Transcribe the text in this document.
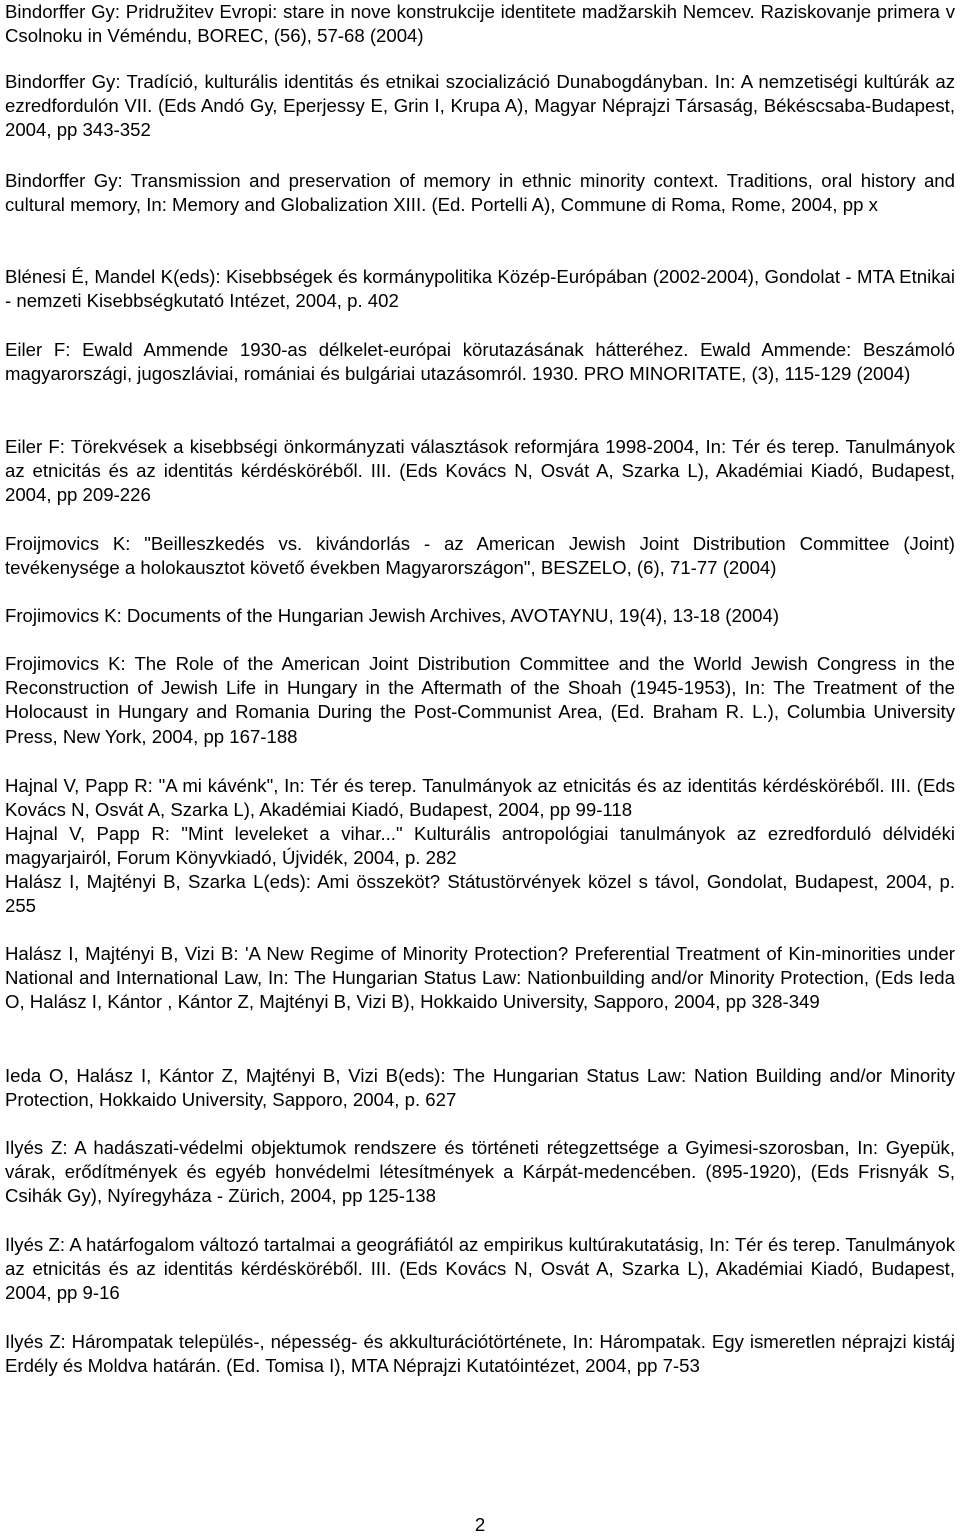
Bindorffer Gy: Pridružitev Evropi: stare in nove konstrukcije identitete madžarskih Nemcev. Raziskovanje primera v Csolnoku in Véméndu, BOREC, (56), 57-68 (2004)

Bindorffer Gy: Tradíció, kulturális identitás és etnikai szocializáció Dunabogdányban. In: A nemzetiségi kultúrák az ezredfordulón VII. (Eds Andó Gy, Eperjessy E, Grin I, Krupa A), Magyar Néprajzi Társaság, Békéscsaba-Budapest, 2004, pp 343-352

Bindorffer Gy: Transmission and preservation of memory in ethnic minority context. Traditions, oral history and cultural memory, In: Memory and Globalization XIII. (Ed. Portelli A), Commune di Roma, Rome, 2004, pp x

Blénesi É, Mandel K(eds): Kisebbségek és kormánypolitika Közép-Európában (2002-2004), Gondolat - MTA Etnikai - nemzeti Kisebbségkutató Intézet, 2004, p. 402

Eiler F: Ewald Ammende 1930-as délkelet-európai körutazásának hátteréhez. Ewald Ammende: Beszámoló magyarországi, jugoszláviai, romániai és bulgáriai utazásomról. 1930. PRO MINORITATE, (3), 115-129 (2004)

Eiler F: Törekvések a kisebbségi önkormányzati választások reformjára 1998-2004, In: Tér és terep. Tanulmányok az etnicitás és az identitás kérdésköréből. III. (Eds Kovács N, Osvát A, Szarka L), Akadémiai Kiadó, Budapest, 2004, pp 209-226

Froijmovics K: "Beilleszkedés vs. kivándorlás - az American Jewish Joint Distribution Committee (Joint) tevékenysége a holokausztot követő években Magyarországon", BESZELO, (6), 71-77 (2004)

Frojimovics K: Documents of the Hungarian Jewish Archives, AVOTAYNU, 19(4), 13-18 (2004)

Frojimovics K: The Role of the American Joint Distribution Committee and the World Jewish Congress in the Reconstruction of Jewish Life in Hungary in the Aftermath of the Shoah (1945-1953), In: The Treatment of the Holocaust in Hungary and Romania During the Post-Communist Area, (Ed. Braham R. L.), Columbia University Press, New York, 2004, pp 167-188

Hajnal V, Papp R: "A mi kávénk", In: Tér és terep. Tanulmányok az etnicitás és az identitás kérdésköréből. III. (Eds Kovács N, Osvát A, Szarka L), Akadémiai Kiadó, Budapest, 2004, pp 99-118

Hajnal V, Papp R: "Mint leveleket a vihar..." Kulturális antropológiai tanulmányok az ezredforduló délvidéki magyarjairól, Forum Könyvkiadó, Újvidék, 2004, p. 282

Halász I, Majtényi B, Szarka L(eds): Ami összeköt? Státustörvények közel s távol, Gondolat, Budapest, 2004, p. 255

Halász I, Majtényi B, Vizi B: 'A New Regime of Minority Protection? Preferential Treatment of Kin-minorities under National and International Law, In: The Hungarian Status Law: Nationbuilding and/or Minority Protection, (Eds Ieda O, Halász I, Kántor , Kántor Z, Majtényi B, Vizi B), Hokkaido University, Sapporo, 2004, pp 328-349

Ieda O, Halász I, Kántor Z, Majtényi B, Vizi B(eds): The Hungarian Status Law: Nation Building and/or Minority Protection, Hokkaido University, Sapporo, 2004, p. 627

Ilyés Z: A hadászati-védelmi objektumok rendszere és történeti rétegzettsége a Gyimesi-szorosban, In: Gyepük, várak, erődítmények és egyéb honvédelmi létesítmények a Kárpát-medencében. (895-1920), (Eds Frisnyák S, Csihák Gy), Nyíregyháza - Zürich, 2004, pp 125-138

Ilyés Z: A határfogalom változó tartalmai a geográfiától az empirikus kultúrakutatásig, In: Tér és terep. Tanulmányok az etnicitás és az identitás kérdésköréből. III. (Eds Kovács N, Osvát A, Szarka L), Akadémiai Kiadó, Budapest, 2004, pp 9-16

Ilyés Z: Hárompatak település-, népesség- és akkulturációtörténete, In: Hárompatak. Egy ismeretlen néprajzi kistáj Erdély és Moldva határán. (Ed. Tomisa I), MTA Néprajzi Kutatóintézet, 2004, pp 7-53

2
